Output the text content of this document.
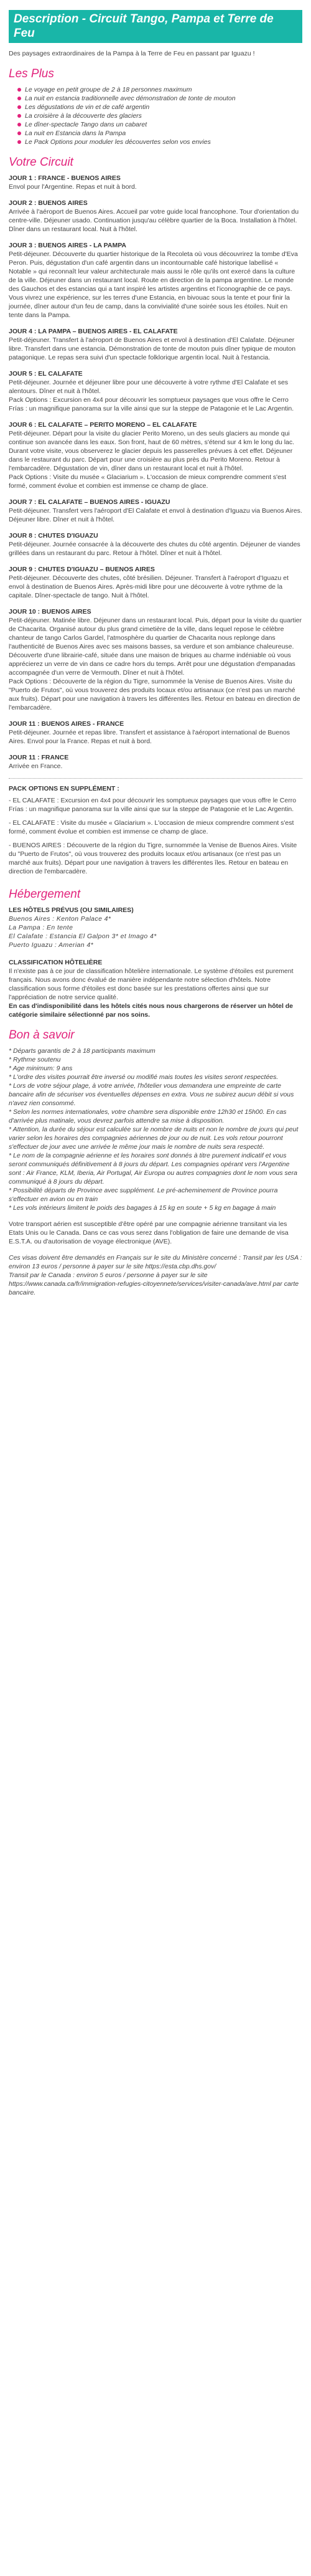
Description - Circuit Tango, Pampa et Terre de Feu
Des paysages extraordinaires de la Pampa à la Terre de Feu en passant par Iguazu !
Les Plus
Le voyage en petit groupe de 2 à 18 personnes maximum
La nuit en estancia traditionnelle avec démonstration de tonte de mouton
Les dégustations de vin et de café argentin
La croisière à la découverte des glaciers
Le dîner-spectacle Tango dans un cabaret
La nuit en Estancia dans la Pampa
Le Pack Options pour moduler les découvertes selon vos envies
Votre Circuit
JOUR 1 : FRANCE - BUENOS AIRES

Envol pour l'Argentine. Repas et nuit à bord.

JOUR 2 : BUENOS AIRES

Arrivée à l'aéroport de Buenos Aires. Accueil par votre guide local francophone. Tour d'orientation du centre-ville. Déjeuner usado. Continuation jusqu'au célèbre quartier de la Boca. Installation à l'hôtel. Dîner dans un restaurant local. Nuit à l'hôtel.

JOUR 3 : BUENOS AIRES - LA PAMPA

Petit-déjeuner. Découverte du quartier historique de la Recoleta où vous découvrirez la tombe d'Eva Peron. Puis, dégustation d'un café argentin dans un incontournable café historique labellisé « Notable » qui reconnaît leur valeur architecturale mais aussi le rôle qu'ils ont exercé dans la culture de la ville. Déjeuner dans un restaurant local. Route en direction de la pampa argentine. Le monde des Gauchos et des estancias qui a tant inspiré les artistes argentins et l'iconographie de ce pays. Vous vivrez une expérience, sur les terres d'une Estancia, en bivouac sous la tente et pour finir la journée, dîner autour d'un feu de camp, dans la convivialité d'une soirée sous les étoiles. Nuit en tente dans la Pampa.

JOUR 4 : LA PAMPA – BUENOS AIRES - EL CALAFATE

Petit-déjeuner. Transfert à l'aéroport de Buenos Aires et envol à destination d'El Calafate. Déjeuner libre. Transfert dans une estancia. Démonstration de tonte de mouton puis dîner typique de mouton patagonique. Le repas sera suivi d'un spectacle folklorique argentin local. Nuit à l'estancia.

JOUR 5 : EL CALAFATE

Petit-déjeuner. Journée et déjeuner libre pour une découverte à votre rythme d'El Calafate et ses alentours. Dîner et nuit à l'hôtel.

Pack Options : Excursion en 4x4 pour découvrir les somptueux paysages que vous offre le Cerro Frías : un magnifique panorama sur la ville ainsi que sur la steppe de Patagonie et le Lac Argentin.

JOUR 6 : EL CALAFATE – PERITO MORENO – EL CALAFATE

Petit-déjeuner. Départ pour la visite du glacier Perito Moreno, un des seuls glaciers au monde qui continue son avancée dans les eaux. Son front, haut de 60 mètres, s'étend sur 4 km le long du lac. Durant votre visite, vous observerez le glacier depuis les passerelles prévues à cet effet. Déjeuner dans le restaurant du parc. Départ pour une croisière au plus près du Perito Moreno. Retour à l'embarcadère. Dégustation de vin, dîner dans un restaurant local et nuit à l'hôtel.

Pack Options : Visite du musée « Glaciarium ». L'occasion de mieux comprendre comment s'est formé, comment évolue et combien est immense ce champ de glace.

JOUR 7 : EL CALAFATE – BUENOS AIRES - IGUAZU

Petit-déjeuner. Transfert vers l'aéroport d'El Calafate et envol à destination d'Iguazu via Buenos Aires. Déjeuner libre. Dîner et nuit à l'hôtel.

JOUR 8 : CHUTES D'IGUAZU

Petit-déjeuner. Journée consacrée à la découverte des chutes du côté argentin. Déjeuner de viandes grillées dans un restaurant du parc. Retour à l'hôtel. Dîner et nuit à l'hôtel.

JOUR 9 : CHUTES D'IGUAZU – BUENOS AIRES

Petit-déjeuner. Découverte des chutes, côté brésilien. Déjeuner. Transfert à l'aéroport d'Iguazu et envol à destination de Buenos Aires. Après-midi libre pour une découverte à votre rythme de la capitale. Dîner-spectacle de tango. Nuit à l'hôtel.

JOUR 10 : BUENOS AIRES

Petit-déjeuner. Matinée libre. Déjeuner dans un restaurant local. Puis, départ pour la visite du quartier de Chacarita. Organisé autour du plus grand cimetière de la ville, dans lequel repose le célèbre chanteur de tango Carlos Gardel, l'atmosphère du quartier de Chacarita nous replonge dans l'authenticité de Buenos Aires avec ses maisons basses, sa verdure et son ambiance chaleureuse. Découverte d'une librairie-café, située dans une maison de briques au charme indéniable où vous apprécierez un verre de vin dans ce cadre hors du temps. Arrêt pour une dégustation d'empanadas accompagnée d'un verre de Vermouth. Dîner et nuit à l'hôtel.

Pack Options : Découverte de la région du Tigre, surnommée la Venise de Buenos Aires. Visite du "Puerto de Frutos", où vous trouverez des produits locaux et/ou artisanaux (ce n'est pas un marché aux fruits). Départ pour une navigation à travers les différentes îles. Retour en bateau en direction de l'embarcadère.

JOUR 11 : BUENOS AIRES - FRANCE

Petit-déjeuner. Journée et repas libre. Transfert et assistance à l'aéroport international de Buenos Aires. Envol pour la France. Repas et nuit à bord.

JOUR 11 : FRANCE

Arrivée en France.

PACK OPTIONS EN SUPPLÉMENT :

- EL CALAFATE : Excursion en 4x4 pour découvrir les somptueux paysages que vous offre le Cerro Frías : un magnifique panorama sur la ville ainsi que sur la steppe de Patagonie et le Lac Argentin.

- EL CALAFATE : Visite du musée « Glaciarium ». L'occasion de mieux comprendre comment s'est formé, comment évolue et combien est immense ce champ de glace.

- BUENOS AIRES : Découverte de la région du Tigre, surnommée la Venise de Buenos Aires. Visite du "Puerto de Frutos", où vous trouverez des produits locaux et/ou artisanaux (ce n'est pas un marché aux fruits). Départ pour une navigation à travers les différentes îles. Retour en bateau en direction de l'embarcadère.

Hébergement

LES HÔTELS PRÉVUS (OU SIMILAIRES)

Buenos Aires : Kenton Palace 4*

La Pampa : En tente

El Calafate : Estancia El Galpon 3* et Imago 4*

Puerto Iguazu : Amerian 4*

CLASSIFICATION HÔTELIÈRE

Il n'existe pas à ce jour de classification hôtelière internationale. Le système d'étoiles est purement français. Nous avons donc évalué de manière indépendante notre sélection d'hôtels. Notre classification sous forme d'étoiles est donc basée sur les prestations offertes ainsi que sur l'appréciation de notre service qualité.

En cas d'indisponibilité dans les hôtels cités nous nous chargerons de réserver un hôtel de catégorie similaire sélectionné par nos soins.

Bon à savoir

* Départs garantis de 2 à 18 participants maximum

* Rythme soutenu

* Age minimum: 9 ans

* L'ordre des visites pourrait être inversé ou modifié mais toutes les visites seront respectées.

* Lors de votre séjour plage, à votre arrivée, l'hôtelier vous demandera une empreinte de carte bancaire afin de sécuriser vos éventuelles dépenses en extra. Vous ne subirez aucun débit si vous n'avez rien consommé.

* Selon les normes internationales, votre chambre sera disponible entre 12h30 et 15h00. En cas d'arrivée plus matinale, vous devrez parfois attendre sa mise à disposition.

* Attention, la durée du séjour est calculée sur le nombre de nuits et non le nombre de jours qui peut varier selon les horaires des compagnies aériennes de jour ou de nuit. Les vols retour pourront s'effectuer de jour avec une arrivée le même jour mais le nombre de nuits sera respecté.

* Le nom de la compagnie aérienne et les horaires sont donnés à titre purement indicatif et vous seront communiqués définitivement à 8 jours du départ. Les compagnies opérant vers l'Argentine sont : Air France, KLM, Iberia, Air Portugal, Air Europa ou autres compagnies dont le nom vous sera communiqué à 8 jours du départ.

* Possibilité départs de Province avec supplément. Le pré-acheminement de Province pourra s'effectuer en avion ou en train

* Les vols intérieurs limitent le poids des bagages à 15 kg en soute + 5 kg en bagage à main

Votre transport aérien est susceptible d'être opéré par une compagnie aérienne transitant via les Etats Unis ou le Canada. Dans ce cas vous serez dans l'obligation de faire une demande de visa E.S.T.A. ou d'autorisation de voyage électronique (AVE).

Ces visas doivent être demandés en Français sur le site du Ministère concerné : Transit par les USA : environ 13 euros / personne à payer sur le site https://esta.cbp.dhs.gov/

Transit par le Canada : environ 5 euros / personne à payer sur le site https://www.canada.ca/fr/immigration-refugies-citoyennete/services/visiter-canada/ave.html par carte bancaire.
